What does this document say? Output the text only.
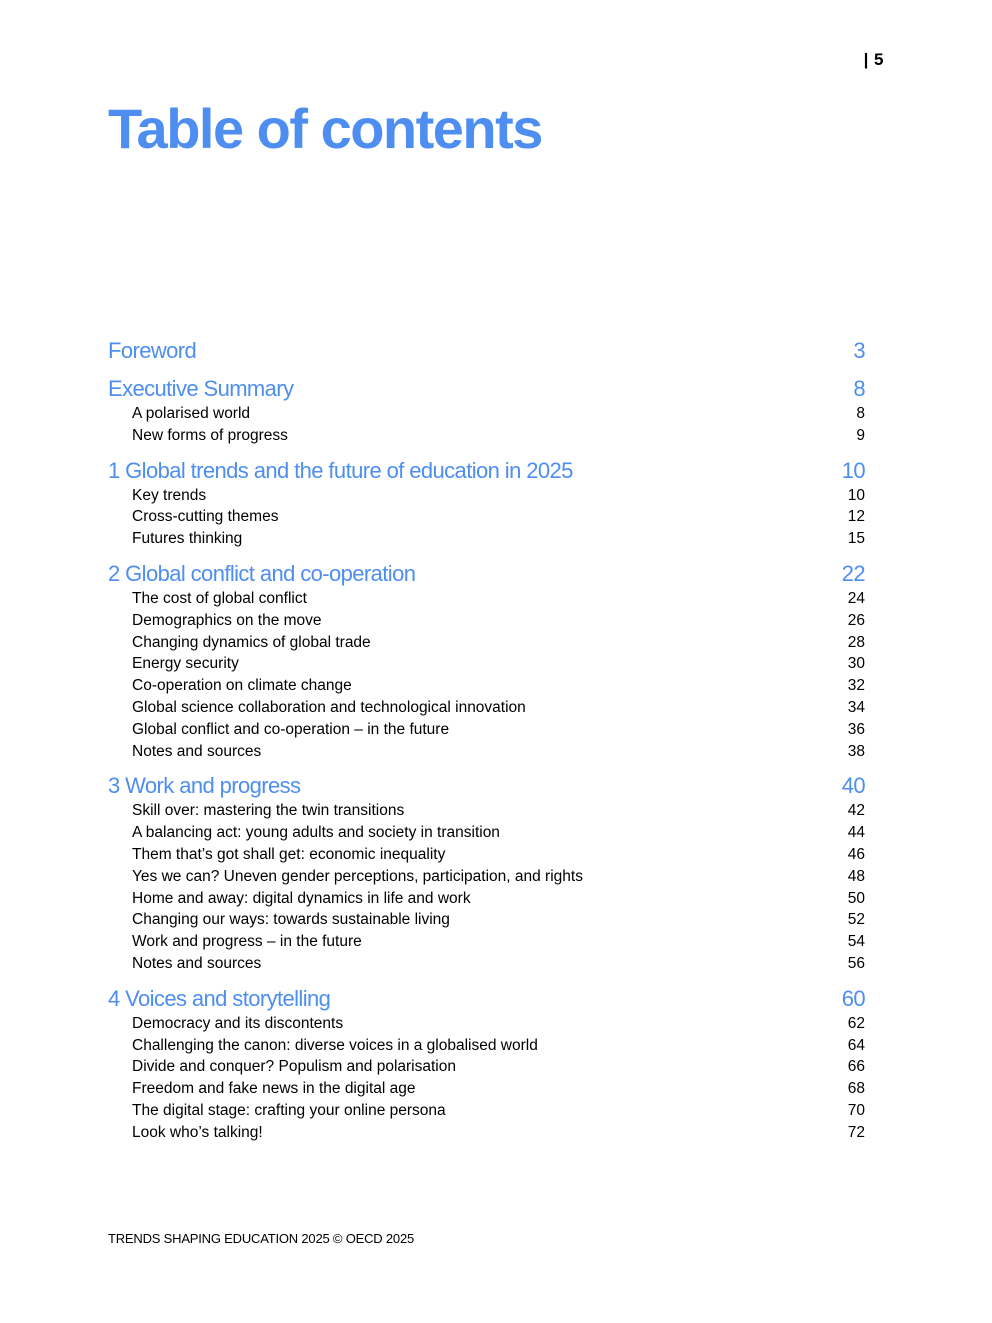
| 5
Table of contents
Foreword	3
Executive Summary	8
A polarised world	8
New forms of progress	9
1 Global trends and the future of education in 2025	10
Key trends	10
Cross-cutting themes	12
Futures thinking	15
2 Global conflict and co-operation	22
The cost of global conflict	24
Demographics on the move	26
Changing dynamics of global trade	28
Energy security	30
Co-operation on climate change	32
Global science collaboration and technological innovation	34
Global conflict and co-operation – in the future	36
Notes and sources	38
3 Work and progress	40
Skill over: mastering the twin transitions	42
A balancing act: young adults and society in transition	44
Them that’s got shall get: economic inequality	46
Yes we can? Uneven gender perceptions, participation, and rights	48
Home and away: digital dynamics in life and work	50
Changing our ways: towards sustainable living	52
Work and progress – in the future	54
Notes and sources	56
4 Voices and storytelling	60
Democracy and its discontents	62
Challenging the canon: diverse voices in a globalised world	64
Divide and conquer? Populism and polarisation	66
Freedom and fake news in the digital age	68
The digital stage: crafting your online persona	70
Look who’s talking!	72
TRENDS SHAPING EDUCATION 2025 © OECD 2025
